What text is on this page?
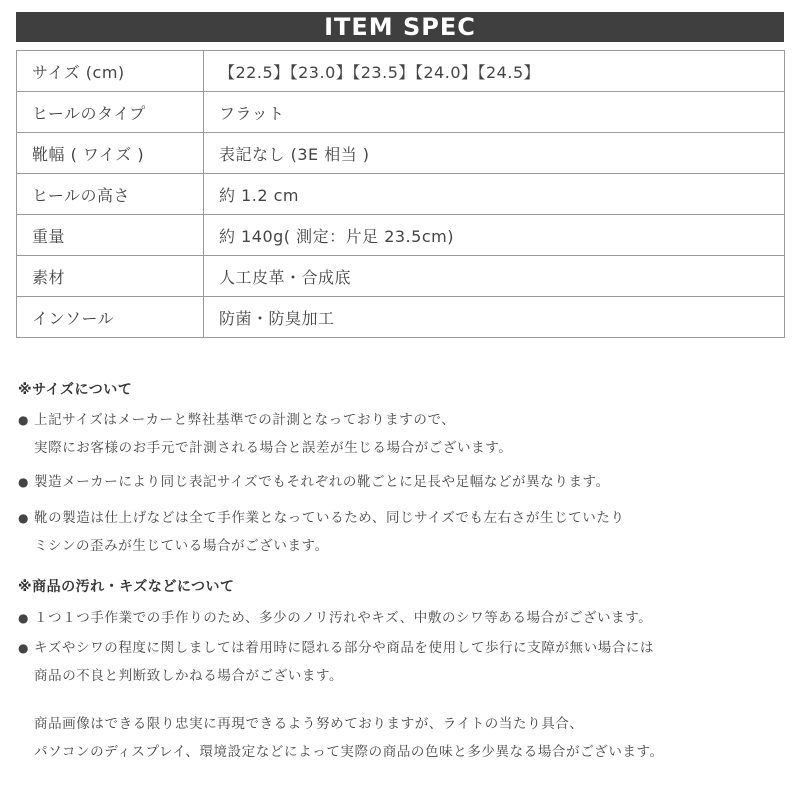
ITEM SPEC
サイズ (cm)	【22.5】【23.0】【23.5】【24.0】【24.5】
ヒールのタイプ	フラット
靴幅 ( ワイズ )	表記なし (3E 相当 )
ヒールの高さ	約 1.2 cm
重量	約 140g( 測定：片足 23.5cm)
素材	人工皮革・合成底
インソール	防菌・防臭加工
※サイズについて
● 上記サイズはメーカーと弊社基準での計測となっておりますので、
実際にお客様のお手元で計測される場合と誤差が生じる場合がございます。
● 製造メーカーにより同じ表記サイズでもそれぞれの靴ごとに足長や足幅などが異なります。
● 靴の製造は仕上げなどは全て手作業となっているため、同じサイズでも左右さが生じていたり
ミシンの歪みが生じている場合がございます。
※商品の汚れ・キズなどについて
● １つ１つ手作業での手作りのため、多少のノリ汚れやキズ、中敷のシワ等ある場合がございます。
● キズやシワの程度に関しましては着用時に隠れる部分や商品を使用して歩行に支障が無い場合には
商品の不良と判断致しかねる場合がございます。
商品画像はできる限り忠実に再現できるよう努めておりますが、ライトの当たり具合、
パソコンのディスプレイ、環境設定などによって実際の商品の色味と多少異なる場合がございます。
